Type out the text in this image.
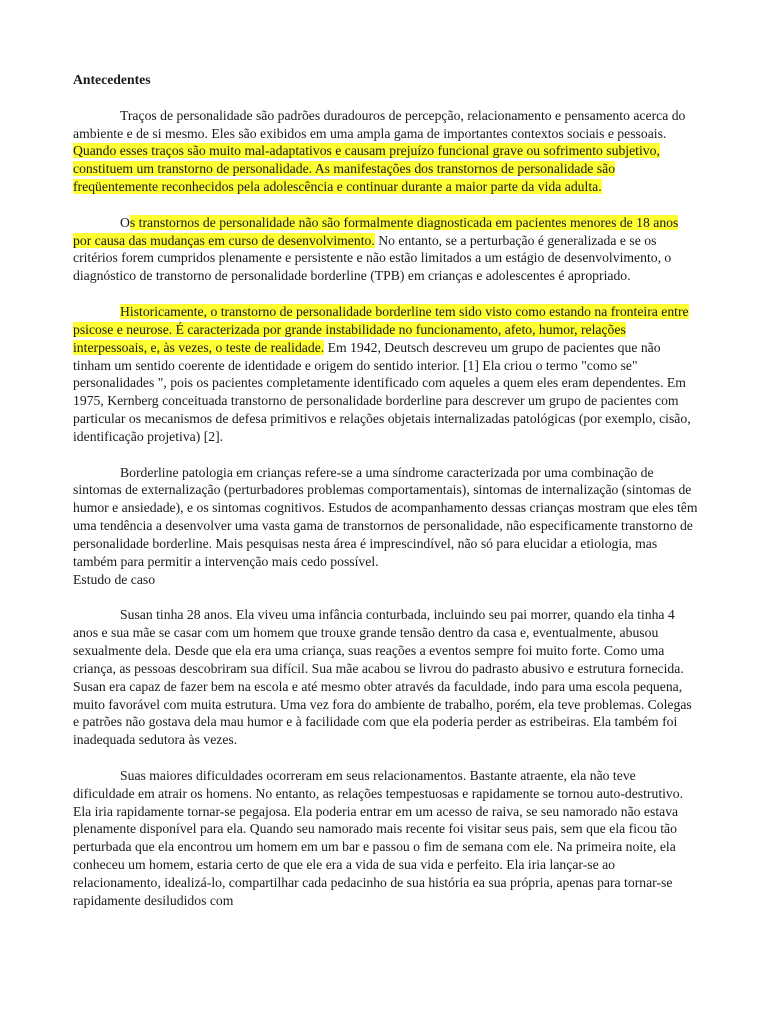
Antecedentes

Traços de personalidade são padrões duradouros de percepção, relacionamento e pensamento acerca do ambiente e de si mesmo. Eles são exibidos em uma ampla gama de importantes contextos sociais e pessoais. Quando esses traços são muito mal-adaptativos e causam prejuízo funcional grave ou sofrimento subjetivo, constituem um transtorno de personalidade. As manifestações dos transtornos de personalidade são freqüentemente reconhecidos pela adolescência e continuar durante a maior parte da vida adulta.

Os transtornos de personalidade não são formalmente diagnosticada em pacientes menores de 18 anos por causa das mudanças em curso de desenvolvimento. No entanto, se a perturbação é generalizada e se os critérios forem cumpridos plenamente e persistente e não estão limitados a um estágio de desenvolvimento, o diagnóstico de transtorno de personalidade borderline (TPB) em crianças e adolescentes é apropriado.

Historicamente, o transtorno de personalidade borderline tem sido visto como estando na fronteira entre psicose e neurose. É caracterizada por grande instabilidade no funcionamento, afeto, humor, relações interpessoais, e, às vezes, o teste de realidade. Em 1942, Deutsch descreveu um grupo de pacientes que não tinham um sentido coerente de identidade e origem do sentido interior. [1] Ela criou o termo "como se" personalidades ", pois os pacientes completamente identificado com aqueles a quem eles eram dependentes. Em 1975, Kernberg conceituada transtorno de personalidade borderline para descrever um grupo de pacientes com particular os mecanismos de defesa primitivos e relações objetais internalizadas patológicas (por exemplo, cisão, identificação projetiva) [2].

Borderline patologia em crianças refere-se a uma síndrome caracterizada por uma combinação de sintomas de externalização (perturbadores problemas comportamentais), sintomas de internalização (sintomas de humor e ansiedade), e os sintomas cognitivos. Estudos de acompanhamento dessas crianças mostram que eles têm uma tendência a desenvolver uma vasta gama de transtornos de personalidade, não especificamente transtorno de personalidade borderline. Mais pesquisas nesta área é imprescindível, não só para elucidar a etiologia, mas também para permitir a intervenção mais cedo possível.

Estudo de caso

Susan tinha 28 anos. Ela viveu uma infância conturbada, incluindo seu pai morrer, quando ela tinha 4 anos e sua mãe se casar com um homem que trouxe grande tensão dentro da casa e, eventualmente, abusou sexualmente dela. Desde que ela era uma criança, suas reações a eventos sempre foi muito forte. Como uma criança, as pessoas descobriram sua difícil. Sua mãe acabou se livrou do padrasto abusivo e estrutura fornecida. Susan era capaz de fazer bem na escola e até mesmo obter através da faculdade, indo para uma escola pequena, muito favorável com muita estrutura. Uma vez fora do ambiente de trabalho, porém, ela teve problemas. Colegas e patrões não gostava dela mau humor e à facilidade com que ela poderia perder as estribeiras. Ela também foi inadequada sedutora às vezes.

Suas maiores dificuldades ocorreram em seus relacionamentos. Bastante atraente, ela não teve dificuldade em atrair os homens. No entanto, as relações tempestuosas e rapidamente se tornou auto-destrutivo. Ela iria rapidamente tornar-se pegajosa. Ela poderia entrar em um acesso de raiva, se seu namorado não estava plenamente disponível para ela. Quando seu namorado mais recente foi visitar seus pais, sem que ela ficou tão perturbada que ela encontrou um homem em um bar e passou o fim de semana com ele. Na primeira noite, ela conheceu um homem, estaria certo de que ele era a vida de sua vida e perfeito. Ela iria lançar-se ao relacionamento, idealizá-lo, compartilhar cada pedacinho de sua história ea sua própria, apenas para tornar-se rapidamente desiludidos com
